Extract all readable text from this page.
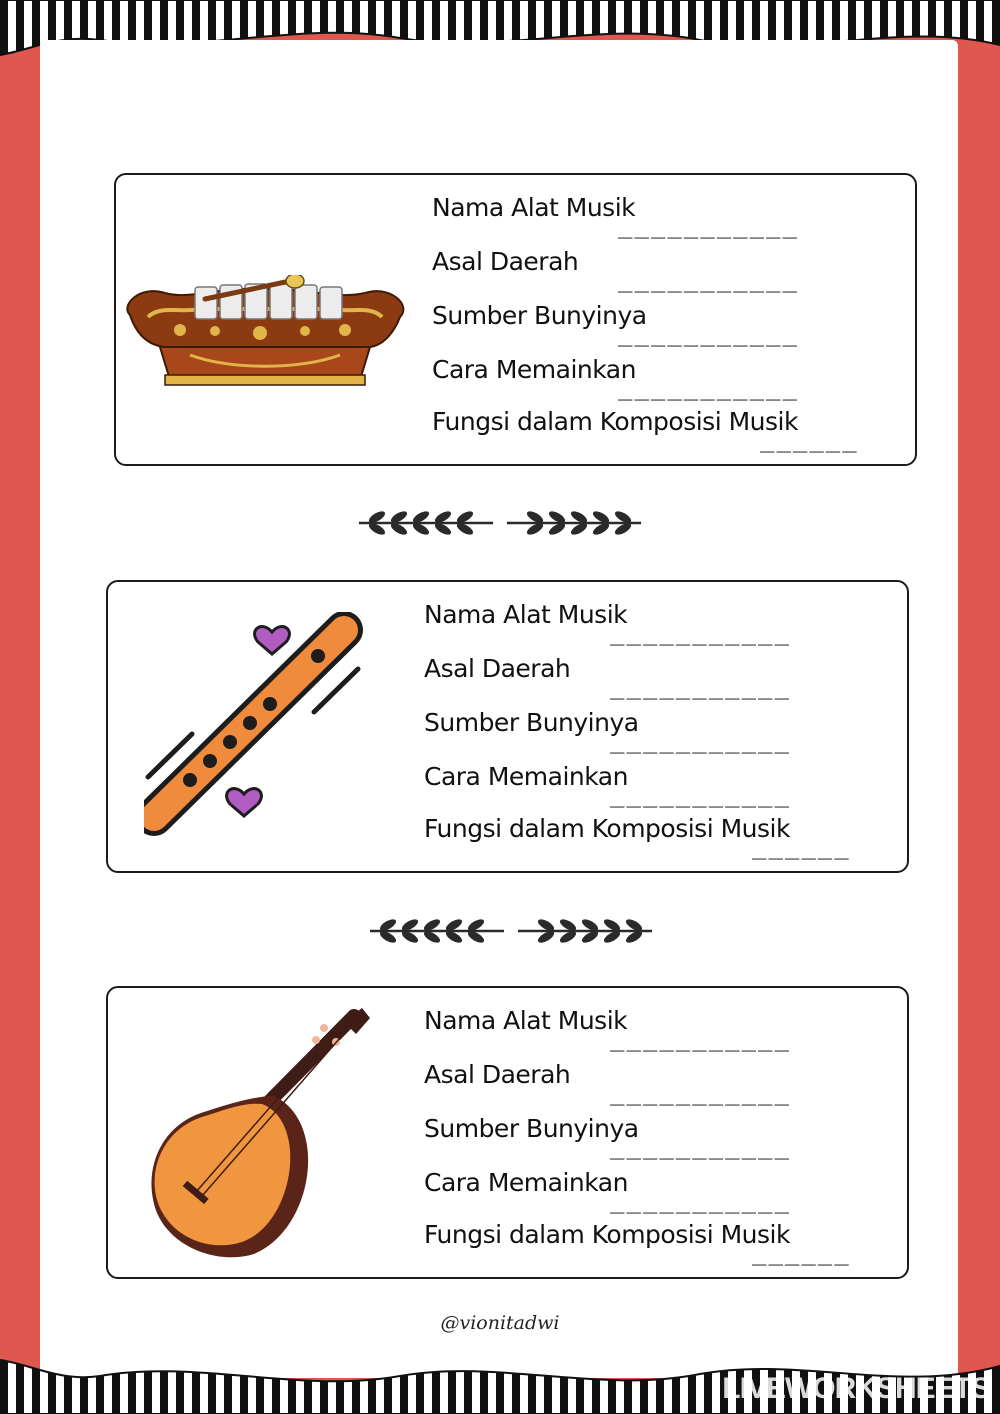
Nama Alat Musik
___________
Asal Daerah
___________
Sumber Bunyinya
___________
Cara Memainkan
___________
Fungsi dalam Komposisi Musik
______
Nama Alat Musik
___________
Asal Daerah
___________
Sumber Bunyinya
___________
Cara Memainkan
___________
Fungsi dalam Komposisi Musik
______
Nama Alat Musik
___________
Asal Daerah
___________
Sumber Bunyinya
___________
Cara Memainkan
___________
Fungsi dalam Komposisi Musik
______
@vionitadwi
LIVEWORKSHEETS
